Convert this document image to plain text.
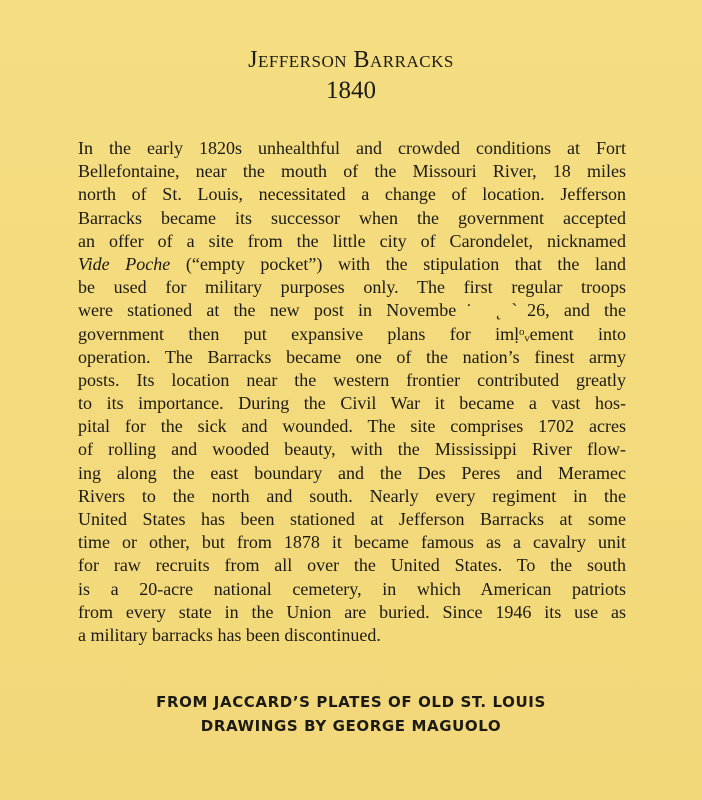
Jefferson Barracks
1840
In the early 1820s unhealthful and crowded conditions at Fort
Bellefontaine, near the mouth of the Missouri River, 18 miles
north of St. Louis, necessitated a change of location. Jefferson
Barracks became its successor when the government accepted
an offer of a site from the little city of Carondelet, nicknamed
Vide Poche (“empty pocket”) with the stipulation that the land
be used for military purposes only. The first regular troops
were stationed at the new post in Novembe˙ ˛ˋ26, and the
government then put expansive plans for imḷᵒᵥement into
operation. The Barracks became one of the nation’s finest army
posts. Its location near the western frontier contributed greatly
to its importance. During the Civil War it became a vast hos-
pital for the sick and wounded. The site comprises 1702 acres
of rolling and wooded beauty, with the Mississippi River flow-
ing along the east boundary and the Des Peres and Meramec
Rivers to the north and south. Nearly every regiment in the
United States has been stationed at Jefferson Barracks at some
time or other, but from 1878 it became famous as a cavalry unit
for raw recruits from all over the United States. To the south
is a 20-acre national cemetery, in which American patriots
from every state in the Union are buried. Since 1946 its use as
a military barracks has been discontinued.
FROM JACCARD’S PLATES OF OLD ST. LOUIS
DRAWINGS BY GEORGE MAGUOLO
